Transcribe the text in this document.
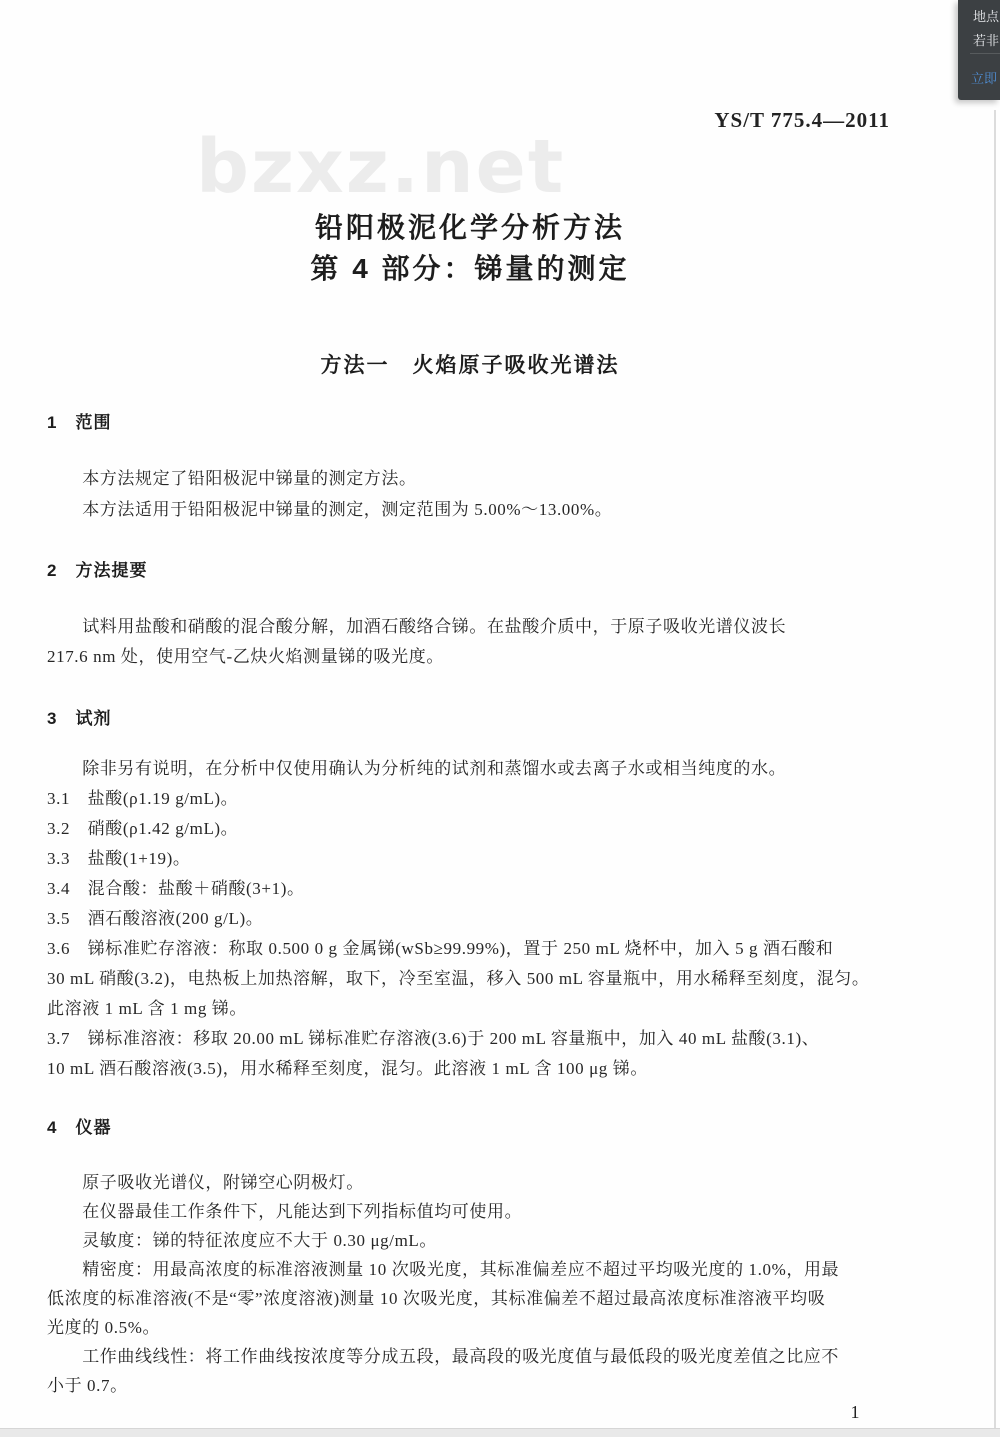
bzxz.net
YS/T 775.4—2011
铅阳极泥化学分析方法
第 4 部分：锑量的测定
方法一　火焰原子吸收光谱法
1　范围
　　本方法规定了铅阳极泥中锑量的测定方法。
　　本方法适用于铅阳极泥中锑量的测定，测定范围为 5.00%～13.00%。
2　方法提要
　　试料用盐酸和硝酸的混合酸分解，加酒石酸络合锑。在盐酸介质中，于原子吸收光谱仪波长
217.6 nm 处，使用空气-乙炔火焰测量锑的吸光度。
3　试剂
　　除非另有说明，在分析中仅使用确认为分析纯的试剂和蒸馏水或去离子水或相当纯度的水。
3.1　盐酸(ρ1.19 g/mL)。
3.2　硝酸(ρ1.42 g/mL)。
3.3　盐酸(1+19)。
3.4　混合酸：盐酸＋硝酸(3+1)。
3.5　酒石酸溶液(200 g/L)。
3.6　锑标准贮存溶液：称取 0.500 0 g 金属锑(wSb≥99.99%)，置于 250 mL 烧杯中，加入 5 g 酒石酸和
30 mL 硝酸(3.2)，电热板上加热溶解，取下，冷至室温，移入 500 mL 容量瓶中，用水稀释至刻度，混匀。
此溶液 1 mL 含 1 mg 锑。
3.7　锑标准溶液：移取 20.00 mL 锑标准贮存溶液(3.6)于 200 mL 容量瓶中，加入 40 mL 盐酸(3.1)、
10 mL 酒石酸溶液(3.5)，用水稀释至刻度，混匀。此溶液 1 mL 含 100 μg 锑。
4　仪器
　　原子吸收光谱仪，附锑空心阴极灯。
　　在仪器最佳工作条件下，凡能达到下列指标值均可使用。
　　灵敏度：锑的特征浓度应不大于 0.30 μg/mL。
　　精密度：用最高浓度的标准溶液测量 10 次吸光度，其标准偏差应不超过平均吸光度的 1.0%，用最
低浓度的标准溶液(不是“零”浓度溶液)测量 10 次吸光度，其标准偏差不超过最高浓度标准溶液平均吸
光度的 0.5%。
　　工作曲线线性：将工作曲线按浓度等分成五段，最高段的吸光度值与最低段的吸光度差值之比应不
小于 0.7。
1
地点
若非
立即
